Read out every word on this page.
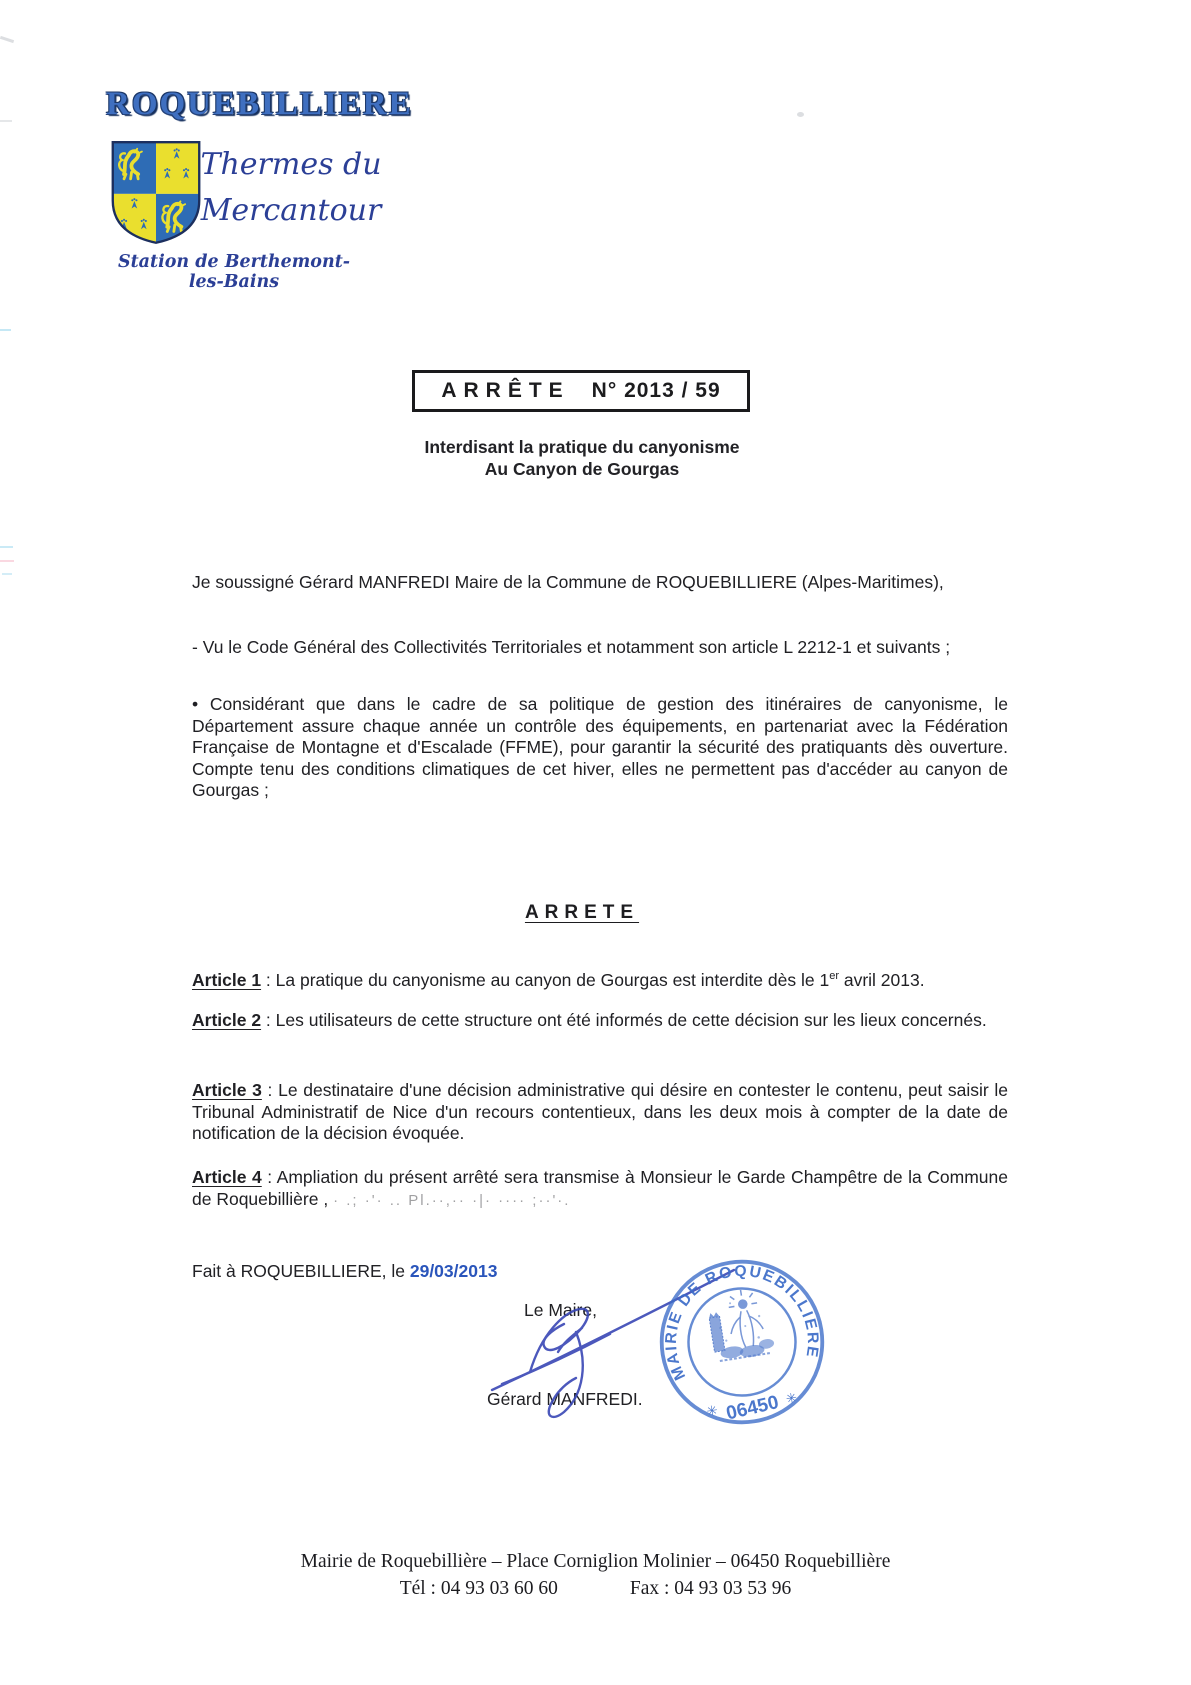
ROQUEBILLIERE
Thermes du
Mercantour
Station de Berthemont-les-Bains
ARRÊTE N° 2013 / 59
Interdisant la pratique du canyonisme
Au Canyon de Gourgas

Je soussigné Gérard MANFREDI Maire de la Commune de ROQUEBILLIERE (Alpes-Maritimes),

- Vu le Code Général des Collectivités Territoriales et notamment son article L 2212-1 et suivants ;

• Considérant que dans le cadre de sa politique de gestion des itinéraires de canyonisme, le Département assure chaque année un contrôle des équipements, en partenariat avec la Fédération Française de Montagne et d'Escalade (FFME), pour garantir la sécurité des pratiquants dès ouverture. Compte tenu des conditions climatiques de cet hiver, elles ne permettent pas d'accéder au canyon de Gourgas ;

ARRETE

Article 1 : La pratique du canyonisme au canyon de Gourgas est interdite dès le 1er avril 2013.

Article 2 : Les utilisateurs de cette structure ont été informés de cette décision sur les lieux concernés.

Article 3 : Le destinataire d'une décision administrative qui désire en contester le contenu, peut saisir le Tribunal Administratif de Nice d'un recours contentieux, dans les deux mois à compter de la date de notification de la décision évoquée.

Article 4 : Ampliation du présent arrêté sera transmise à Monsieur le Garde Champêtre de la Commune de Roquebillière , · .; ·'· .. Pl.··,·· ·|· ···· ;··'·.

Fait à ROQUEBILLIERE, le 29/03/2013
Le Maire,
Gérard MANFREDI.
MAIRIE DE ROQUEBILLIERE
✳
✳
06450
Mairie de Roquebillière – Place Corniglion Molinier – 06450 Roquebillière
Tél : 04 93 03 60 60	Fax : 04 93 03 53 96
